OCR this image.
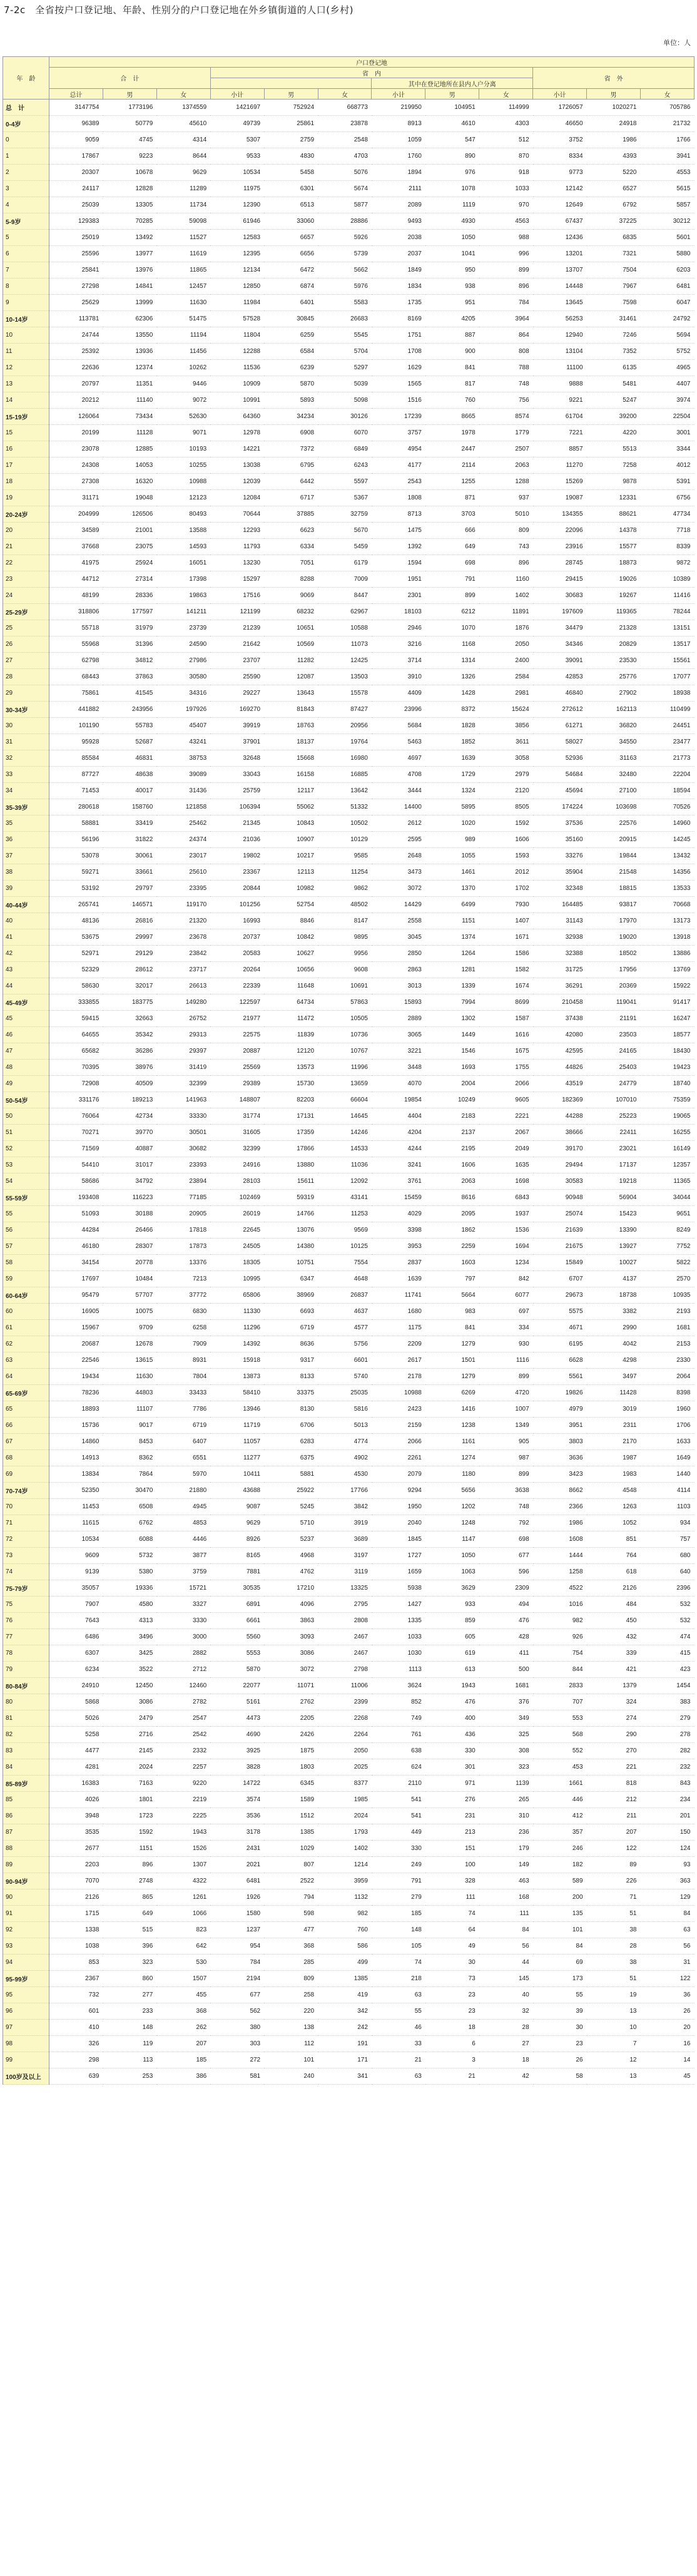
7-2c　全省按户口登记地、年龄、性别分的户口登记地在外乡镇街道的人口(乡村)
单位：人
年　龄	户口登记地											
	合　计			省　内						省　外		
							其中在登记地所在县内人户分离					
	总计	男	女	小计	男	女	小计	男	女	小计	男	女
总　计	3147754	1773196	1374559	1421697	752924	668773	219950	104951	114999	1726057	1020271	705786
0-4岁	96389	50779	45610	49739	25861	23878	8913	4610	4303	46650	24918	21732
0	9059	4745	4314	5307	2759	2548	1059	547	512	3752	1986	1766
1	17867	9223	8644	9533	4830	4703	1760	890	870	8334	4393	3941
2	20307	10678	9629	10534	5458	5076	1894	976	918	9773	5220	4553
3	24117	12828	11289	11975	6301	5674	2111	1078	1033	12142	6527	5615
4	25039	13305	11734	12390	6513	5877	2089	1119	970	12649	6792	5857
5-9岁	129383	70285	59098	61946	33060	28886	9493	4930	4563	67437	37225	30212
5	25019	13492	11527	12583	6657	5926	2038	1050	988	12436	6835	5601
6	25596	13977	11619	12395	6656	5739	2037	1041	996	13201	7321	5880
7	25841	13976	11865	12134	6472	5662	1849	950	899	13707	7504	6203
8	27298	14841	12457	12850	6874	5976	1834	938	896	14448	7967	6481
9	25629	13999	11630	11984	6401	5583	1735	951	784	13645	7598	6047
10-14岁	113781	62306	51475	57528	30845	26683	8169	4205	3964	56253	31461	24792
10	24744	13550	11194	11804	6259	5545	1751	887	864	12940	7246	5694
11	25392	13936	11456	12288	6584	5704	1708	900	808	13104	7352	5752
12	22636	12374	10262	11536	6239	5297	1629	841	788	11100	6135	4965
13	20797	11351	9446	10909	5870	5039	1565	817	748	9888	5481	4407
14	20212	11140	9072	10991	5893	5098	1516	760	756	9221	5247	3974
15-19岁	126064	73434	52630	64360	34234	30126	17239	8665	8574	61704	39200	22504
15	20199	11128	9071	12978	6908	6070	3757	1978	1779	7221	4220	3001
16	23078	12885	10193	14221	7372	6849	4954	2447	2507	8857	5513	3344
17	24308	14053	10255	13038	6795	6243	4177	2114	2063	11270	7258	4012
18	27308	16320	10988	12039	6442	5597	2543	1255	1288	15269	9878	5391
19	31171	19048	12123	12084	6717	5367	1808	871	937	19087	12331	6756
20-24岁	204999	126506	80493	70644	37885	32759	8713	3703	5010	134355	88621	47734
20	34589	21001	13588	12293	6623	5670	1475	666	809	22096	14378	7718
21	37668	23075	14593	11793	6334	5459	1392	649	743	23916	15577	8339
22	41975	25924	16051	13230	7051	6179	1594	698	896	28745	18873	9872
23	44712	27314	17398	15297	8288	7009	1951	791	1160	29415	19026	10389
24	48199	28336	19863	17516	9069	8447	2301	899	1402	30683	19267	11416
25-29岁	318806	177597	141211	121199	68232	62967	18103	6212	11891	197609	119365	78244
25	55718	31979	23739	21239	10651	10588	2946	1070	1876	34479	21328	13151
26	55968	31396	24590	21642	10569	11073	3216	1168	2050	34346	20829	13517
27	62798	34812	27986	23707	11282	12425	3714	1314	2400	39091	23530	15561
28	68443	37863	30580	25590	12087	13503	3910	1326	2584	42853	25776	17077
29	75861	41545	34316	29227	13643	15578	4409	1428	2981	46840	27902	18938
30-34岁	441882	243956	197926	169270	81843	87427	23996	8372	15624	272612	162113	110499
30	101190	55783	45407	39919	18763	20956	5684	1828	3856	61271	36820	24451
31	95928	52687	43241	37901	18137	19764	5463	1852	3611	58027	34550	23477
32	85584	46831	38753	32648	15668	16980	4697	1639	3058	52936	31163	21773
33	87727	48638	39089	33043	16158	16885	4708	1729	2979	54684	32480	22204
34	71453	40017	31436	25759	12117	13642	3444	1324	2120	45694	27100	18594
35-39岁	280618	158760	121858	106394	55062	51332	14400	5895	8505	174224	103698	70526
35	58881	33419	25462	21345	10843	10502	2612	1020	1592	37536	22576	14960
36	56196	31822	24374	21036	10907	10129	2595	989	1606	35160	20915	14245
37	53078	30061	23017	19802	10217	9585	2648	1055	1593	33276	19844	13432
38	59271	33661	25610	23367	12113	11254	3473	1461	2012	35904	21548	14356
39	53192	29797	23395	20844	10982	9862	3072	1370	1702	32348	18815	13533
40-44岁	265741	146571	119170	101256	52754	48502	14429	6499	7930	164485	93817	70668
40	48136	26816	21320	16993	8846	8147	2558	1151	1407	31143	17970	13173
41	53675	29997	23678	20737	10842	9895	3045	1374	1671	32938	19020	13918
42	52971	29129	23842	20583	10627	9956	2850	1264	1586	32388	18502	13886
43	52329	28612	23717	20264	10656	9608	2863	1281	1582	31725	17956	13769
44	58630	32017	26613	22339	11648	10691	3013	1339	1674	36291	20369	15922
45-49岁	333855	183775	149280	122597	64734	57863	15893	7994	8699	210458	119041	91417
45	59415	32663	26752	21977	11472	10505	2889	1302	1587	37438	21191	16247
46	64655	35342	29313	22575	11839	10736	3065	1449	1616	42080	23503	18577
47	65682	36286	29397	20887	12120	10767	3221	1546	1675	42595	24165	18430
48	70395	38976	31419	25569	13573	11996	3448	1693	1755	44826	25403	19423
49	72908	40509	32399	29389	15730	13659	4070	2004	2066	43519	24779	18740
50-54岁	331176	189213	141963	148807	82203	66604	19854	10249	9605	182369	107010	75359
50	76064	42734	33330	31774	17131	14645	4404	2183	2221	44288	25223	19065
51	70271	39770	30501	31605	17359	14246	4204	2137	2067	38666	22411	16255
52	71569	40887	30682	32399	17866	14533	4244	2195	2049	39170	23021	16149
53	54410	31017	23393	24916	13880	11036	3241	1606	1635	29494	17137	12357
54	58686	34792	23894	28103	15611	12092	3761	2063	1698	30583	19218	11365
55-59岁	193408	116223	77185	102469	59319	43141	15459	8616	6843	90948	56904	34044
55	51093	30188	20905	26019	14766	11253	4029	2095	1937	25074	15423	9651
56	44284	26466	17818	22645	13076	9569	3398	1862	1536	21639	13390	8249
57	46180	28307	17873	24505	14380	10125	3953	2259	1694	21675	13927	7752
58	34154	20778	13376	18305	10751	7554	2837	1603	1234	15849	10027	5822
59	17697	10484	7213	10995	6347	4648	1639	797	842	6707	4137	2570
60-64岁	95479	57707	37772	65806	38969	26837	11741	5664	6077	29673	18738	10935
60	16905	10075	6830	11330	6693	4637	1680	983	697	5575	3382	2193
61	15967	9709	6258	11296	6719	4577	1175	841	334	4671	2990	1681
62	20687	12678	7909	14392	8636	5756	2209	1279	930	6195	4042	2153
63	22546	13615	8931	15918	9317	6601	2617	1501	1116	6628	4298	2330
64	19434	11630	7804	13873	8133	5740	2178	1279	899	5561	3497	2064
65-69岁	78236	44803	33433	58410	33375	25035	10988	6269	4720	19826	11428	8398
65	18893	11107	7786	13946	8130	5816	2423	1416	1007	4979	3019	1960
66	15736	9017	6719	11719	6706	5013	2159	1238	1349	3951	2311	1706
67	14860	8453	6407	11057	6283	4774	2066	1161	905	3803	2170	1633
68	14913	8362	6551	11277	6375	4902	2261	1274	987	3636	1987	1649
69	13834	7864	5970	10411	5881	4530	2079	1180	899	3423	1983	1440
70-74岁	52350	30470	21880	43688	25922	17766	9294	5656	3638	8662	4548	4114
70	11453	6508	4945	9087	5245	3842	1950	1202	748	2366	1263	1103
71	11615	6762	4853	9629	5710	3919	2040	1248	792	1986	1052	934
72	10534	6088	4446	8926	5237	3689	1845	1147	698	1608	851	757
73	9609	5732	3877	8165	4968	3197	1727	1050	677	1444	764	680
74	9139	5380	3759	7881	4762	3119	1659	1063	596	1258	618	640
75-79岁	35057	19336	15721	30535	17210	13325	5938	3629	2309	4522	2126	2396
75	7907	4580	3327	6891	4096	2795	1427	933	494	1016	484	532
76	7643	4313	3330	6661	3863	2808	1335	859	476	982	450	532
77	6486	3496	3000	5560	3093	2467	1033	605	428	926	432	474
78	6307	3425	2882	5553	3086	2467	1030	619	411	754	339	415
79	6234	3522	2712	5870	3072	2798	1113	613	500	844	421	423
80-84岁	24910	12450	12460	22077	11071	11006	3624	1943	1681	2833	1379	1454
80	5868	3086	2782	5161	2762	2399	852	476	376	707	324	383
81	5026	2479	2547	4473	2205	2268	749	400	349	553	274	279
82	5258	2716	2542	4690	2426	2264	761	436	325	568	290	278
83	4477	2145	2332	3925	1875	2050	638	330	308	552	270	282
84	4281	2024	2257	3828	1803	2025	624	301	323	453	221	232
85-89岁	16383	7163	9220	14722	6345	8377	2110	971	1139	1661	818	843
85	4026	1801	2219	3574	1589	1985	541	276	265	446	212	234
86	3948	1723	2225	3536	1512	2024	541	231	310	412	211	201
87	3535	1592	1943	3178	1385	1793	449	213	236	357	207	150
88	2677	1151	1526	2431	1029	1402	330	151	179	246	122	124
89	2203	896	1307	2021	807	1214	249	100	149	182	89	93
90-94岁	7070	2748	4322	6481	2522	3959	791	328	463	589	226	363
90	2126	865	1261	1926	794	1132	279	111	168	200	71	129
91	1715	649	1066	1580	598	982	185	74	111	135	51	84
92	1338	515	823	1237	477	760	148	64	84	101	38	63
93	1038	396	642	954	368	586	105	49	56	84	28	56
94	853	323	530	784	285	499	74	30	44	69	38	31
95-99岁	2367	860	1507	2194	809	1385	218	73	145	173	51	122
95	732	277	455	677	258	419	63	23	40	55	19	36
96	601	233	368	562	220	342	55	23	32	39	13	26
97	410	148	262	380	138	242	46	18	28	30	10	20
98	326	119	207	303	112	191	33	6	27	23	7	16
99	298	113	185	272	101	171	21	3	18	26	12	14
100岁及以上	639	253	386	581	240	341	63	21	42	58	13	45
